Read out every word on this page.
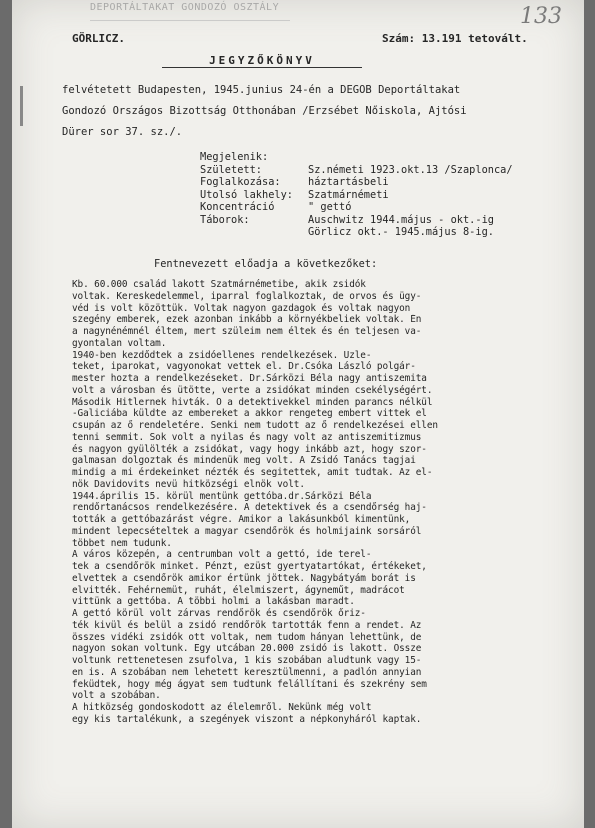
DEPORTÁLTAKAT GONDOZÓ OSZTÁLY	133
GÖRLICZ.	Szám: 13.191 tetovált.
JEGYZŐKÖNYV
felvétetett Budapesten, 1945.junius 24-én a DEGOB Deportáltakat
Gondozó Országos Bizottság Otthonában /Erzsébet Nőiskola, Ajtósi
Dürer sor 37. sz./.
Megjelenik:
Született:	Sz.németi 1923.okt.13 /Szaplonca/
Foglalkozása:	háztartásbeli
Utolsó lakhely:	Szatmárnémeti
Koncentráció	" gettó
Táborok:	Auschwitz 1944.május - okt.-ig
Görlicz okt.- 1945.május 8-ig.
Fentnevezett előadja a következőket:
Kb. 60.000 család lakott Szatmárnémetibe, akik zsidók
voltak. Kereskedelemmel, iparral foglalkoztak, de orvos és ügy-
véd is volt közöttük. Voltak nagyon gazdagok és voltak nagyon
szegény emberek, ezek azonban inkább a környékbeliek voltak. Én
a nagynénémnél éltem, mert szüleim nem éltek és én teljesen va-
gyontalan voltam.
1940-ben kezdődtek a zsidóellenes rendelkezések. Üzle-
teket, iparokat, vagyonokat vettek el. Dr.Csóka László polgár-
mester hozta a rendelkezéseket. Dr.Sárközi Béla nagy antiszemita
volt a városban és ütötte, verte a zsidókat minden csekélységért.
Második Hitlernek hivták. Ő a detektivekkel minden parancs nélkül
-Galiciába küldte az embereket a akkor rengeteg embert vittek el
csupán az ő rendeletére. Senki nem tudott az ő rendelkezései ellen
tenni semmit. Sok volt a nyilas és nagy volt az antiszemitizmus
és nagyon gyülölték a zsidókat, vagy hogy inkább azt, hogy szor-
galmasan dolgoztak és mindenük meg volt. A Zsidó Tanács tagjai
mindig a mi érdekeinket nézték és segitettek, amit tudtak. Az el-
nök Davidovits nevü hitközségi elnök volt.
1944.április 15. körül mentünk gettóba.dr.Sárközi Béla
rendőrtanácsos rendelkezésére. A detektivek és a csendőrség haj-
tották a gettóbazárást végre. Amikor a lakásunkból kimentünk,
mindent lepecsételtek a magyar csendőrök és holmijaink sorsáról
többet nem tudunk.
A város közepén, a centrumban volt a gettó, ide terel-
tek a csendőrök minket. Pénzt, ezüst gyertyatartókat, értékeket,
elvettek a csendőrök amikor értünk jöttek. Nagybátyám borát is
elvitték. Fehérnemüt, ruhát, élelmiszert, ágyneműt, madrácot
vittünk a gettóba. A többi holmi a lakásban maradt.
A gettó körül volt zárvas rendőrök és csendőrök őriz-
ték kivül és belül a zsidó rendőrök tartották fenn a rendet. Az
összes vidéki zsidók ott voltak, nem tudom hányan lehettünk, de
nagyon sokan voltunk. Egy utcában 20.000 zsidó is lakott. Össze
voltunk rettenetesen zsufolva, 1 kis szobában aludtunk vagy 15-
en is. A szobában nem lehetett keresztülmenni, a padlón annyian
feküdtek, hogy még ágyat sem tudtunk felállítani és szekrény sem
volt a szobában.
A hitközség gondoskodott az élelemről. Nekünk még volt
egy kis tartalékunk, a szegények viszont a népkonyháról kaptak.
